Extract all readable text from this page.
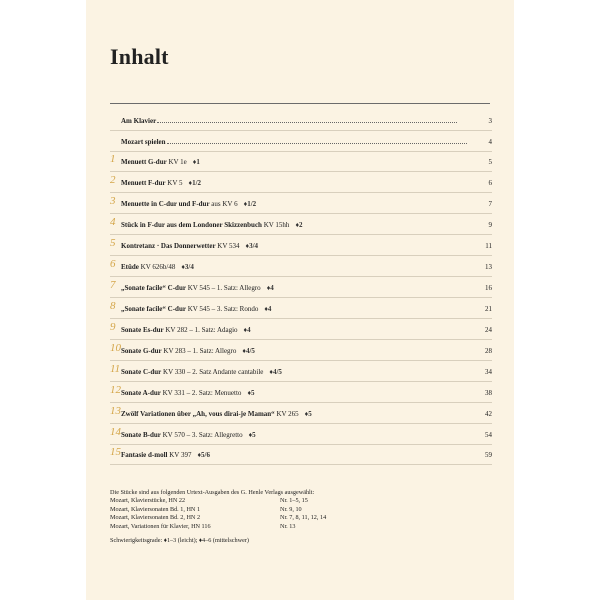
Inhalt
Am Klavier	3
Mozart spielen	4
1 Menuett G-dur KV 1e ♦1	5
2 Menuett F-dur KV 5 ♦1/2	6
3 Menuette in C-dur und F-dur aus KV 6 ♦1/2	7
4 Stück in F-dur aus dem Londoner Skizzenbuch KV 15hh ♦2	9
5 Kontretanz · Das Donnerwetter KV 534 ♦3/4	11
6 Etüde KV 626b/48 ♦3/4	13
7 „Sonate facile“ C-dur KV 545 – 1. Satz: Allegro ♦4	16
8 „Sonate facile“ C-dur KV 545 – 3. Satz: Rondo ♦4	21
9 Sonate Es-dur KV 282 – 1. Satz: Adagio ♦4	24
10 Sonate G-dur KV 283 – 1. Satz: Allegro ♦4/5	28
11 Sonate C-dur KV 330 – 2. Satz Andante cantabile ♦4/5	34
12 Sonate A-dur KV 331 – 2. Satz: Menuetto ♦5	38
13 Zwölf Variationen über „Ah, vous dirai-je Maman“ KV 265 ♦5	42
14 Sonate B-dur KV 570 – 3. Satz: Allegretto ♦5	54
15 Fantasie d-moll KV 397 ♦5/6	59
Die Stücke sind aus folgenden Urtext-Ausgaben des G. Henle Verlags ausgewählt:
Mozart, Klavierstücke, HN 22	Nr. 1–5, 15
Mozart, Klaviersonaten Bd. 1, HN 1	Nr. 9, 10
Mozart, Klaviersonaten Bd. 2, HN 2	Nr. 7, 8, 11, 12, 14
Mozart, Variationen für Klavier, HN 116	Nr. 13
Schwierigkeitsgrade: ♦1–3 (leicht); ♦4–6 (mittelschwer)
